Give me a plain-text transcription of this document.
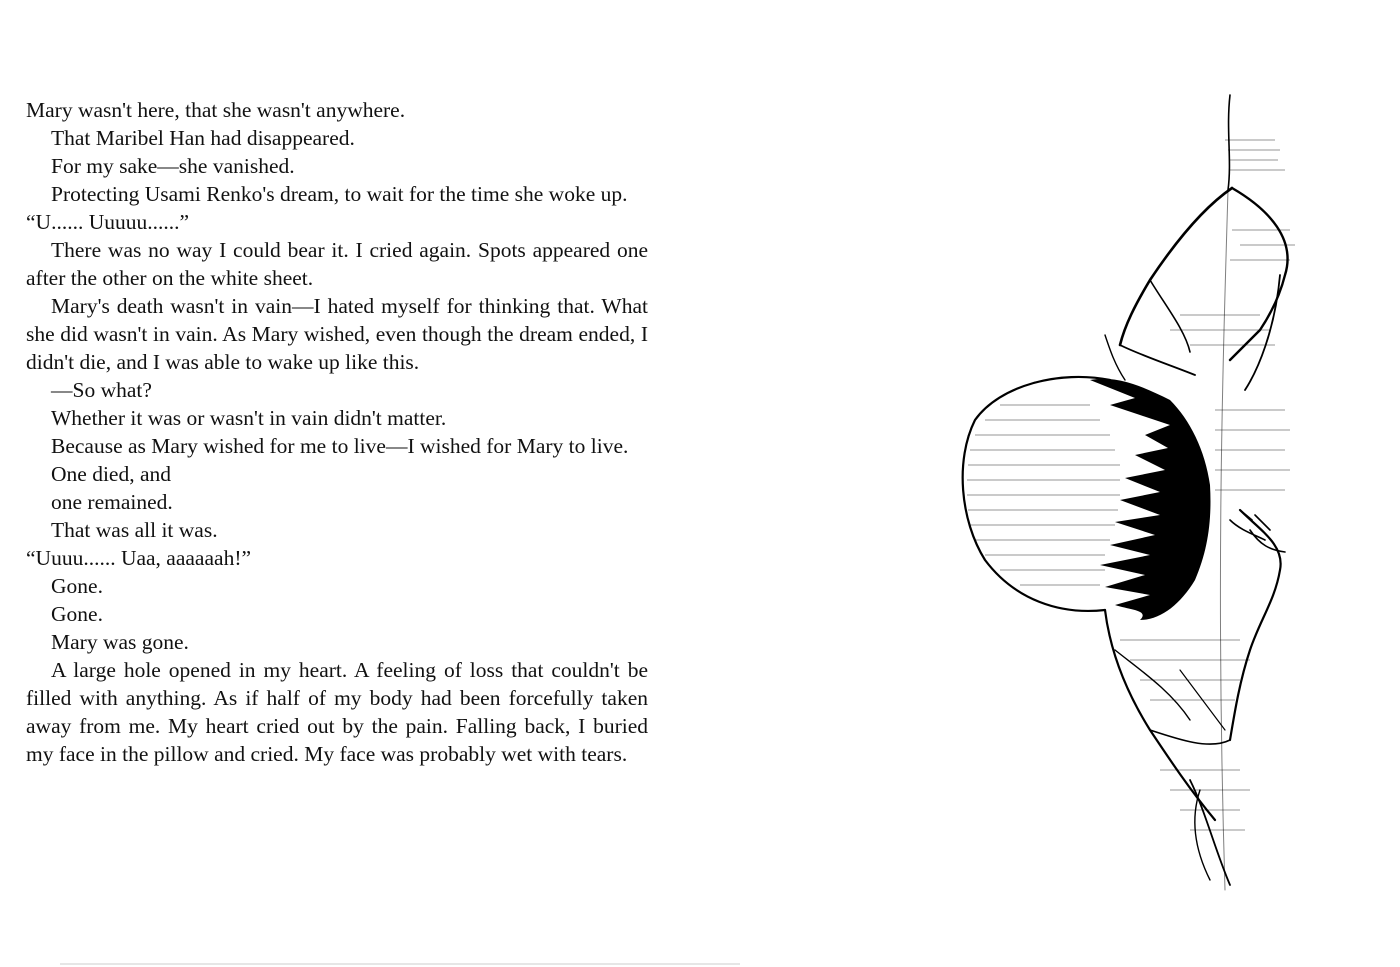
Mary wasn't here, that she wasn't anywhere.

That Maribel Han had disappeared.

For my sake—she vanished.

Protecting Usami Renko's dream, to wait for the time she woke up.

“U...... Uuuuu......”

There was no way I could bear it. I cried again. Spots appeared one after the other on the white sheet.

Mary's death wasn't in vain—I hated myself for thinking that. What she did wasn't in vain. As Mary wished, even though the dream ended, I didn't die, and I was able to wake up like this.

—So what?

Whether it was or wasn't in vain didn't matter.

Because as Mary wished for me to live—I wished for Mary to live.

One died, and

one remained.

That was all it was.

“Uuuu...... Uaa, aaaaaah!”

Gone.

Gone.

Mary was gone.

A large hole opened in my heart. A feeling of loss that couldn't be filled with anything. As if half of my body had been forcefully taken away from me. My heart cried out by the pain. Falling back, I buried my face in the pillow and cried. My face was probably wet with tears.
